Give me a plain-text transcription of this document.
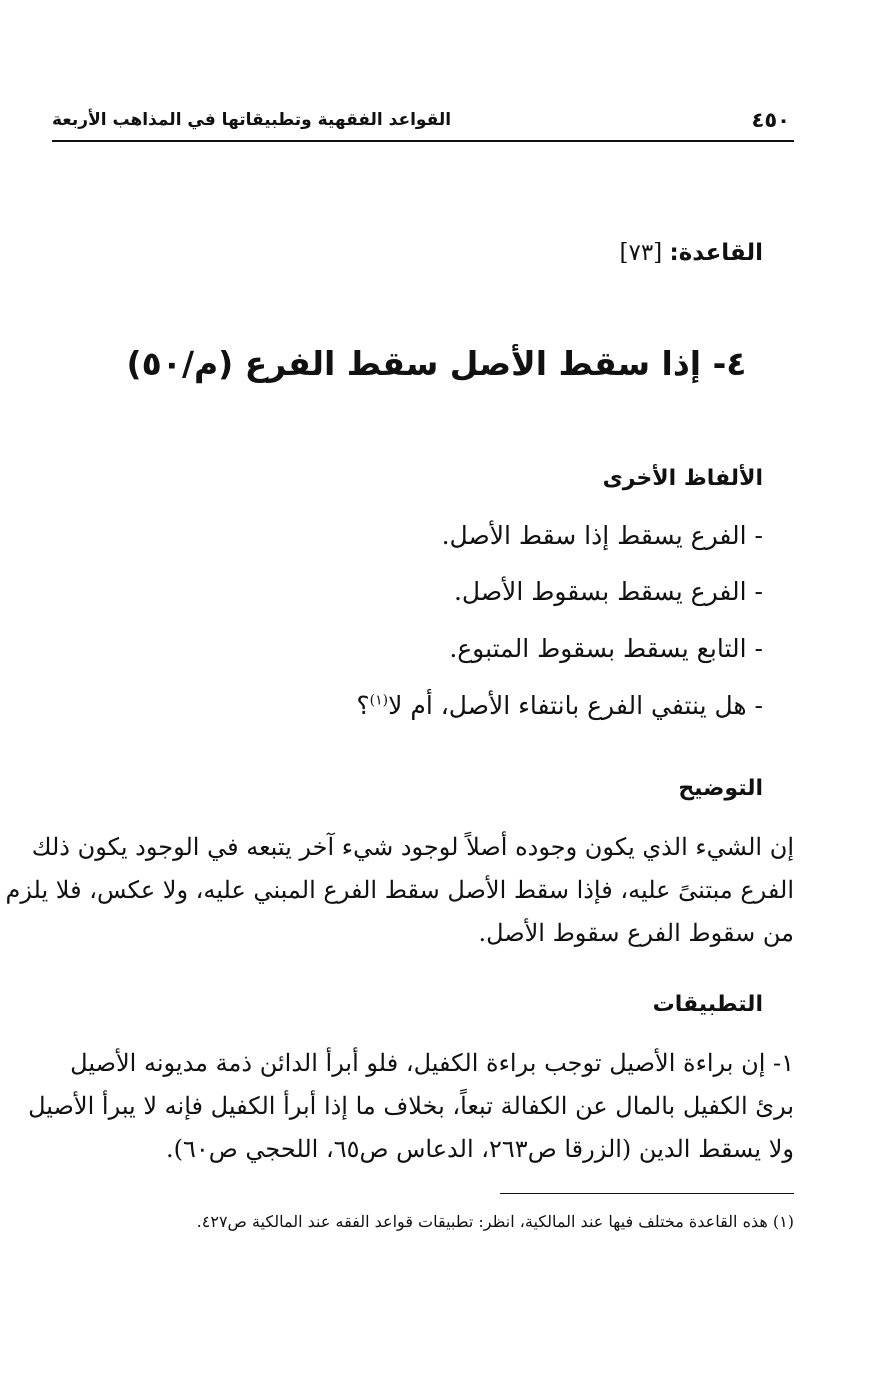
٤٥٠
القواعد الفقهية وتطبيقاتها في المذاهب الأربعة
القاعدة: [٧٣]
٤- إذا سقط الأصل سقط الفرع (م/٥٠)
الألفاظ الأخرى
- الفرع يسقط إذا سقط الأصل.
- الفرع يسقط بسقوط الأصل.
- التابع يسقط بسقوط المتبوع.
- هل ينتفي الفرع بانتفاء الأصل، أم لا$^{(١)}$؟
التوضيح
إن الشيء الذي يكون وجوده أصلاً لوجود شيء آخر يتبعه في الوجود يكون ذلك
الفرع مبتنىً عليه، فإذا سقط الأصل سقط الفرع المبني عليه، ولا عكس، فلا يلزم
من سقوط الفرع سقوط الأصل.
التطبيقات
١- إن براءة الأصيل توجب براءة الكفيل، فلو أبرأ الدائن ذمة مديونه الأصيل
برئ الكفيل بالمال عن الكفالة تبعاً، بخلاف ما إذا أبرأ الكفيل فإنه لا يبرأ الأصيل
ولا يسقط الدين (الزرقا ص٢٦٣، الدعاس ص٦٥، اللحجي ص٦٠).
(١) هذه القاعدة مختلف فيها عند المالكية، انظر: تطبيقات قواعد الفقه عند المالكية ص٤٢٧.
